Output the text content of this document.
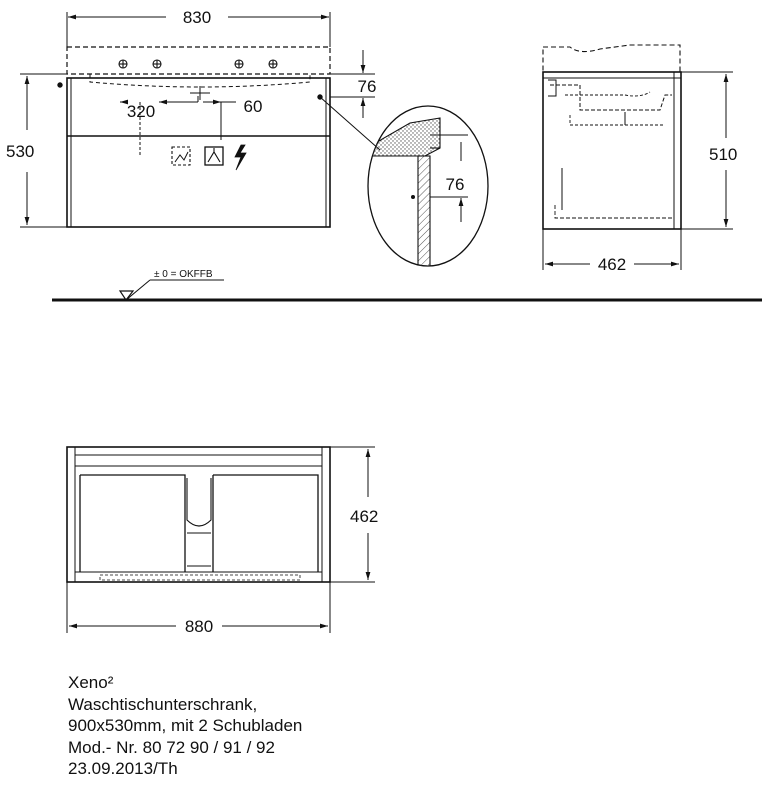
830
530
320	60
76
76
510
462
± 0 = OKFFB
462
880
Xeno²
Waschtischunterschrank,
900x530mm, mit 2 Schubladen
Mod.- Nr. 80 72 90 / 91 / 92
23.09.2013/Th
